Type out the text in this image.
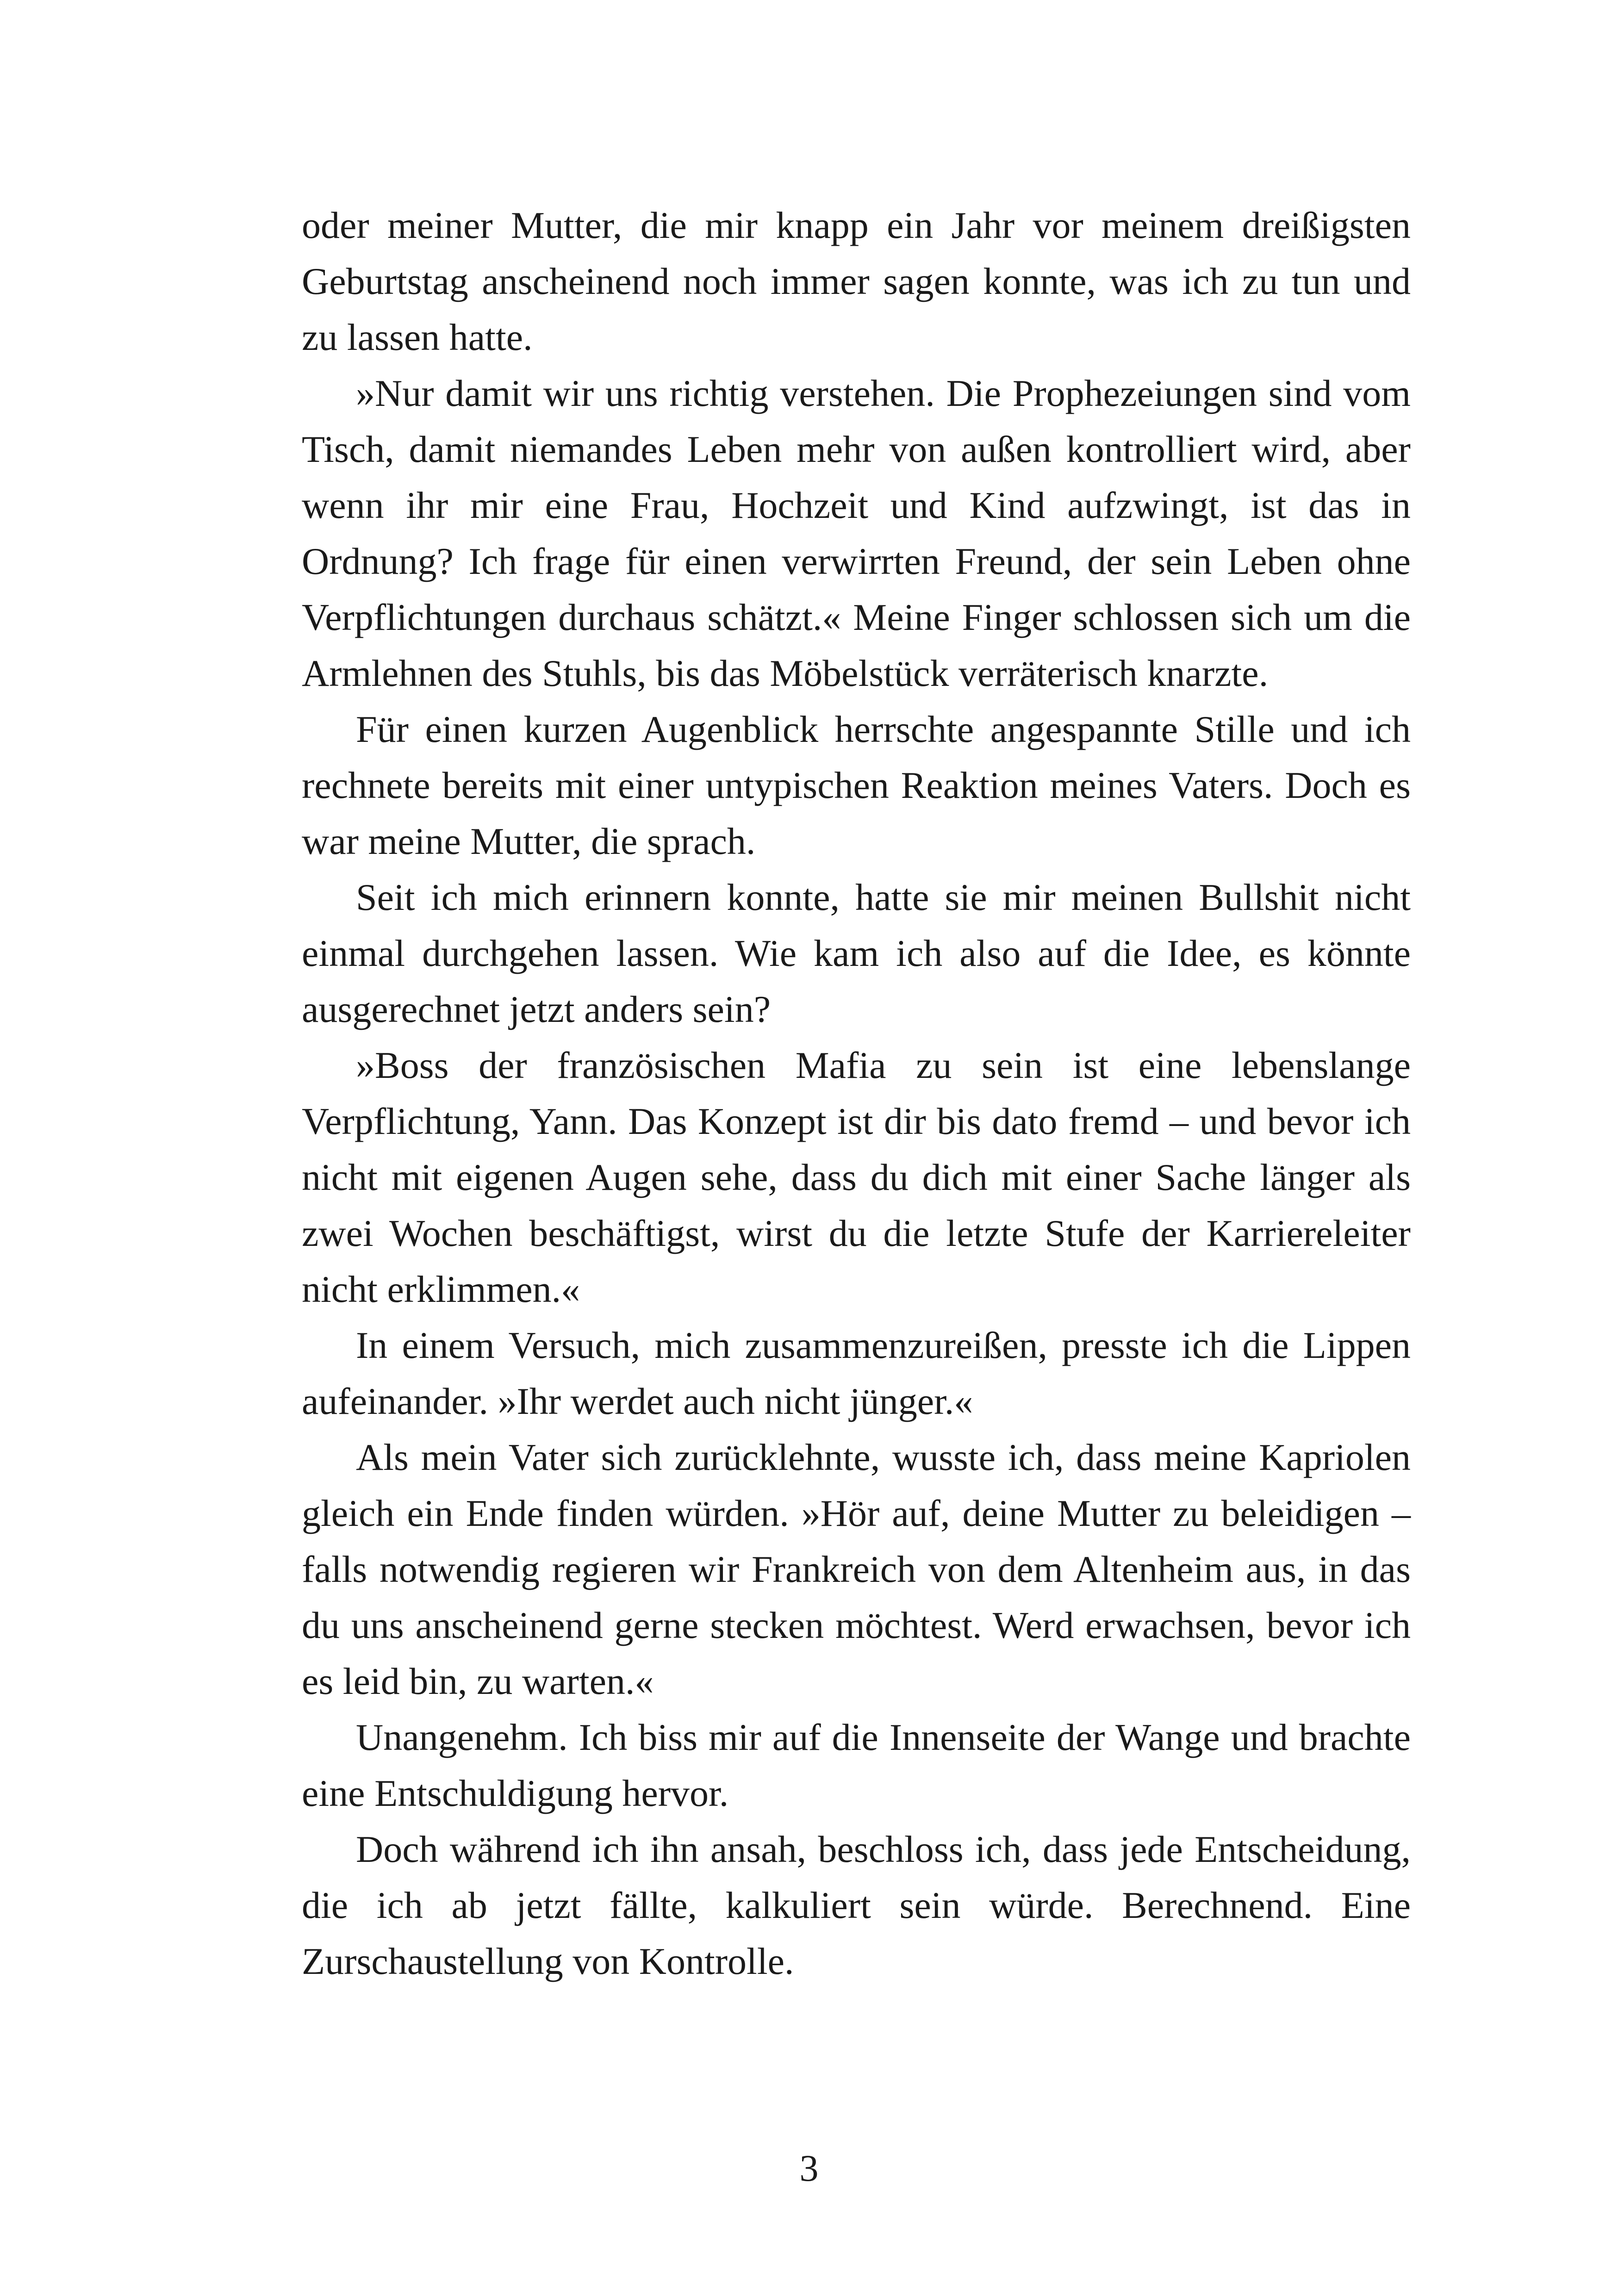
oder meiner Mutter, die mir knapp ein Jahr vor meinem dreißigsten Geburtstag anscheinend noch immer sagen konnte, was ich zu tun und zu lassen hatte.

»Nur damit wir uns richtig verstehen. Die Prophezeiungen sind vom Tisch, damit niemandes Leben mehr von außen kontrolliert wird, aber wenn ihr mir eine Frau, Hochzeit und Kind aufzwingt, ist das in Ordnung? Ich frage für einen verwirrten Freund, der sein Leben ohne Verpflichtungen durchaus schätzt.« Meine Finger schlossen sich um die Armlehnen des Stuhls, bis das Möbelstück verräterisch knarzte.

Für einen kurzen Augenblick herrschte angespannte Stille und ich rechnete bereits mit einer untypischen Reaktion meines Vaters. Doch es war meine Mutter, die sprach.

Seit ich mich erinnern konnte, hatte sie mir meinen Bullshit nicht einmal durchgehen lassen. Wie kam ich also auf die Idee, es könnte ausgerechnet jetzt anders sein?

»Boss der französischen Mafia zu sein ist eine lebenslange Verpflichtung, Yann. Das Konzept ist dir bis dato fremd – und bevor ich nicht mit eigenen Augen sehe, dass du dich mit einer Sache länger als zwei Wochen beschäftigst, wirst du die letzte Stufe der Karriereleiter nicht erklimmen.«

In einem Versuch, mich zusammenzureißen, presste ich die Lippen aufeinander. »Ihr werdet auch nicht jünger.«

Als mein Vater sich zurücklehnte, wusste ich, dass meine Kapriolen gleich ein Ende finden würden. »Hör auf, deine Mutter zu beleidigen – falls notwendig regieren wir Frankreich von dem Altenheim aus, in das du uns anscheinend gerne stecken möchtest. Werd erwachsen, bevor ich es leid bin, zu warten.«

Unangenehm. Ich biss mir auf die Innenseite der Wange und brachte eine Entschuldigung hervor.

Doch während ich ihn ansah, beschloss ich, dass jede Entscheidung, die ich ab jetzt fällte, kalkuliert sein würde. Berechnend. Eine Zurschaustellung von Kontrolle.

3
